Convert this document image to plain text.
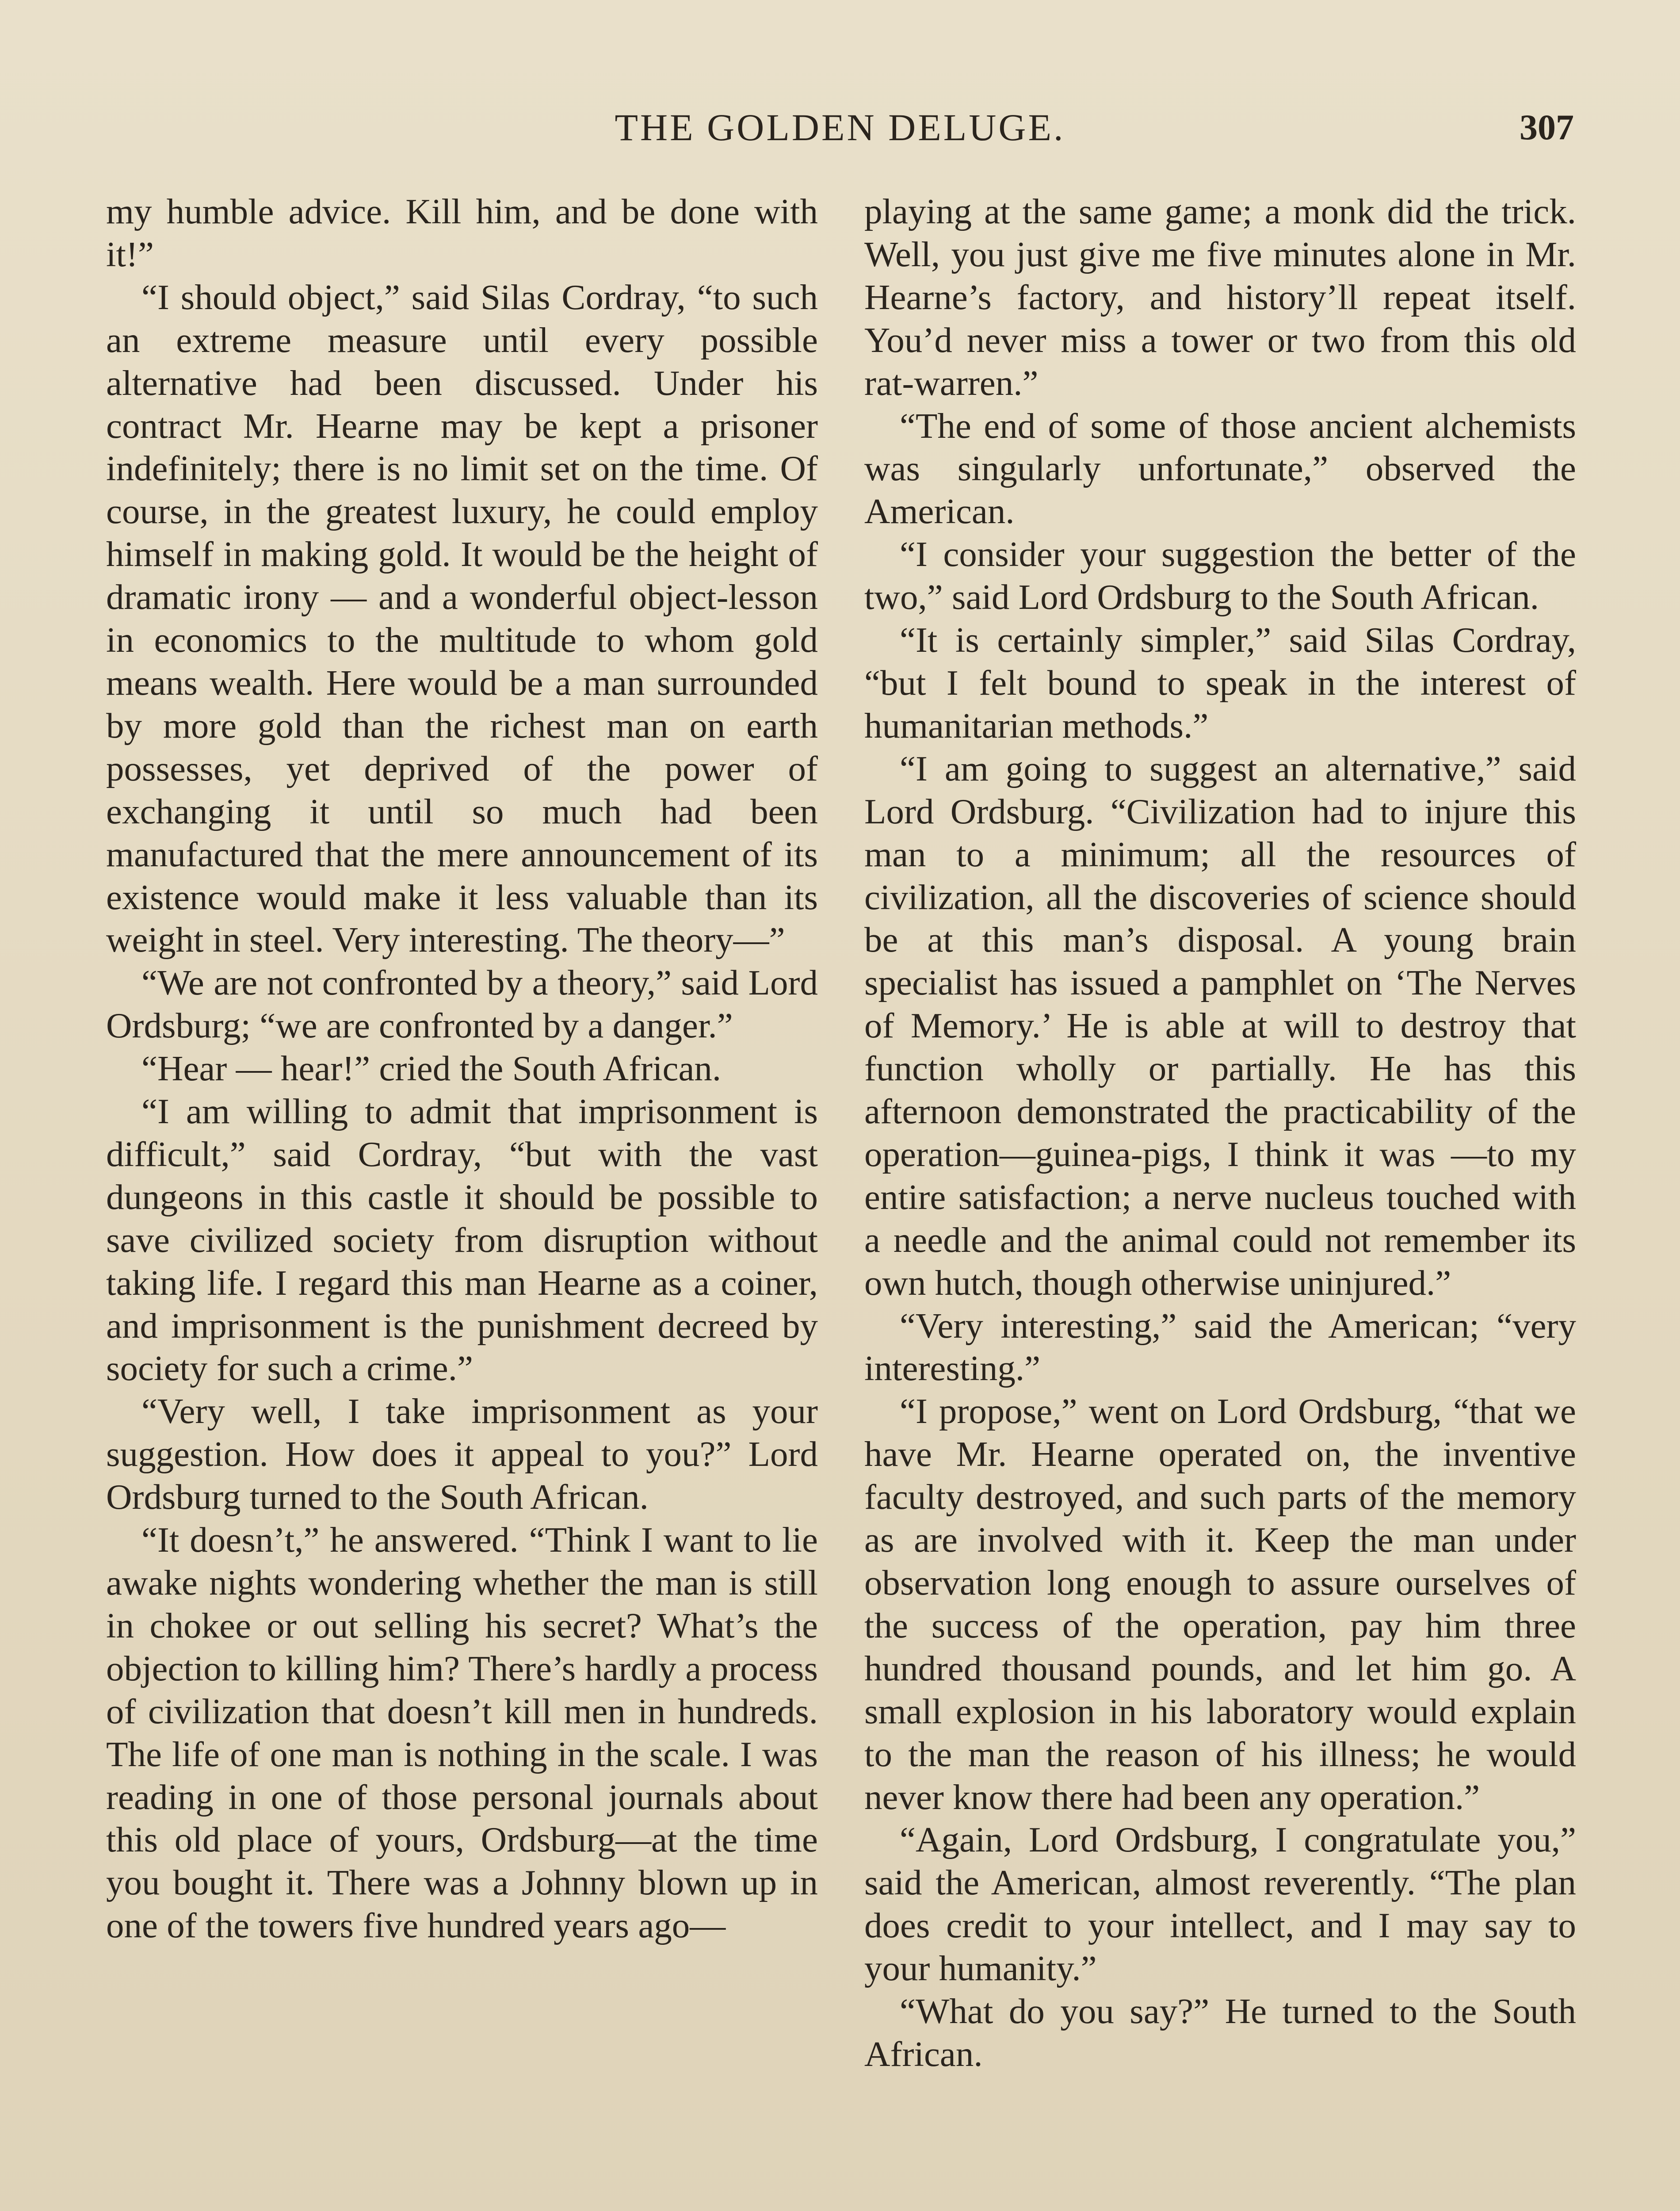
THE GOLDEN DELUGE.	307

my humble advice. Kill him, and be done with it!”

“I should object,” said Silas Cordray, “to such an extreme measure until every possible alternative had been discussed. Under his contract Mr. Hearne may be kept a prisoner indefinitely; there is no limit set on the time. Of course, in the greatest luxury, he could employ himself in making gold. It would be the height of dramatic irony — and a wonderful object-lesson in economics to the multitude to whom gold means wealth. Here would be a man surrounded by more gold than the richest man on earth possesses, yet deprived of the power of exchanging it until so much had been manufactured that the mere announcement of its existence would make it less valuable than its weight in steel. Very interesting. The theory—”

“We are not confronted by a theory,” said Lord Ordsburg; “we are confronted by a danger.”

“Hear — hear!” cried the South African.

“I am willing to admit that imprisonment is difficult,” said Cordray, “but with the vast dungeons in this castle it should be possible to save civilized society from disruption without taking life. I regard this man Hearne as a coiner, and imprisonment is the punishment decreed by society for such a crime.”

“Very well, I take imprisonment as your suggestion. How does it appeal to you?” Lord Ordsburg turned to the South African.

“It doesn’t,” he answered. “Think I want to lie awake nights wondering whether the man is still in chokee or out selling his secret? What’s the objection to killing him? There’s hardly a process of civilization that doesn’t kill men in hundreds. The life of one man is nothing in the scale. I was reading in one of those personal journals about this old place of yours, Ordsburg—at the time you bought it. There was a Johnny blown up in one of the towers five hundred years ago—

playing at the same game; a monk did the trick. Well, you just give me five minutes alone in Mr. Hearne’s factory, and history’ll repeat itself. You’d never miss a tower or two from this old rat-warren.”

“The end of some of those ancient alchemists was singularly unfortunate,” observed the American.

“I consider your suggestion the better of the two,” said Lord Ordsburg to the South African.

“It is certainly simpler,” said Silas Cordray, “but I felt bound to speak in the interest of humanitarian methods.”

“I am going to suggest an alternative,” said Lord Ordsburg. “Civilization had to injure this man to a minimum; all the resources of civilization, all the discoveries of science should be at this man’s disposal. A young brain specialist has issued a pamphlet on ‘The Nerves of Memory.’ He is able at will to destroy that function wholly or partially. He has this afternoon demonstrated the practicability of the operation—guinea-pigs, I think it was —to my entire satisfaction; a nerve nucleus touched with a needle and the animal could not remember its own hutch, though otherwise uninjured.”

“Very interesting,” said the American; “very interesting.”

“I propose,” went on Lord Ordsburg, “that we have Mr. Hearne operated on, the inventive faculty destroyed, and such parts of the memory as are involved with it. Keep the man under observation long enough to assure ourselves of the success of the operation, pay him three hundred thousand pounds, and let him go. A small explosion in his laboratory would explain to the man the reason of his illness; he would never know there had been any operation.”

“Again, Lord Ordsburg, I congratulate you,” said the American, almost reverently. “The plan does credit to your intellect, and I may say to your humanity.”

“What do you say?” He turned to the South African.
